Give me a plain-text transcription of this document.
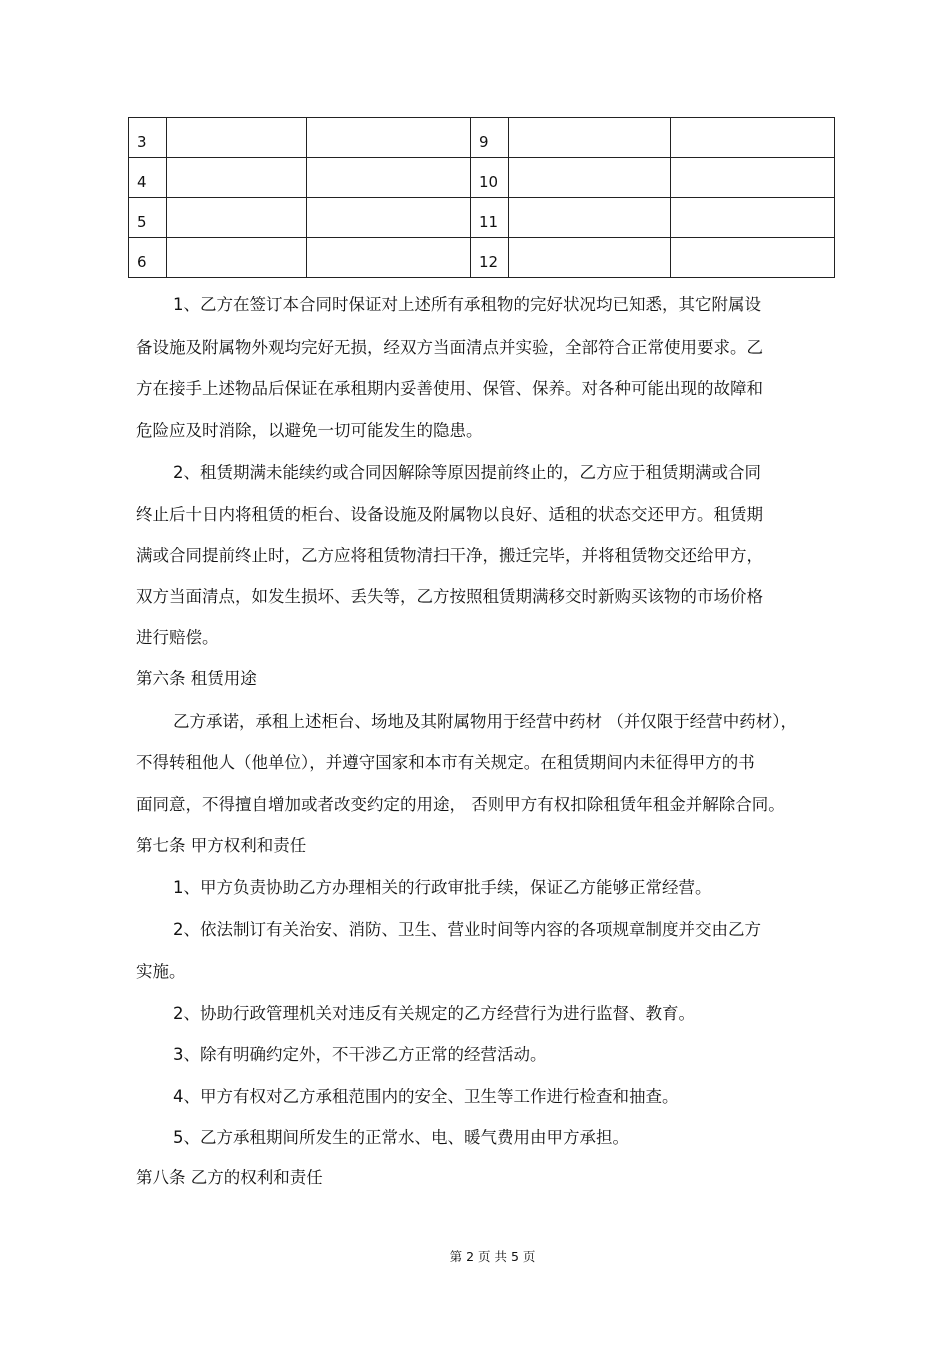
3			9		
4			10		
5			11		
6			12		
1、乙方在签订本合同时保证对上述所有承租物的完好状况均已知悉，其它附属设
备设施及附属物外观均完好无损，经双方当面清点并实验，全部符合正常使用要求。乙
方在接手上述物品后保证在承租期内妥善使用、保管、保养。对各种可能出现的故障和
危险应及时消除，以避免一切可能发生的隐患。
2、租赁期满未能续约或合同因解除等原因提前终止的，乙方应于租赁期满或合同
终止后十日内将租赁的柜台、设备设施及附属物以良好、适租的状态交还甲方。租赁期
满或合同提前终止时，乙方应将租赁物清扫干净，搬迁完毕，并将租赁物交还给甲方，
双方当面清点，如发生损坏、丢失等，乙方按照租赁期满移交时新购买该物的市场价格
进行赔偿。
第六条 租赁用途
乙方承诺，承租上述柜台、场地及其附属物用于经营中药材 （并仅限于经营中药材），
不得转租他人（他单位），并遵守国家和本市有关规定。在租赁期间内未征得甲方的书
面同意，不得擅自增加或者改变约定的用途， 否则甲方有权扣除租赁年租金并解除合同。
第七条 甲方权利和责任
1、甲方负责协助乙方办理相关的行政审批手续，保证乙方能够正常经营。
2、依法制订有关治安、消防、卫生、营业时间等内容的各项规章制度并交由乙方
实施。
2、协助行政管理机关对违反有关规定的乙方经营行为进行监督、教育。
3、除有明确约定外，不干涉乙方正常的经营活动。
4、甲方有权对乙方承租范围内的安全、卫生等工作进行检查和抽查。
5、乙方承租期间所发生的正常水、电、暖气费用由甲方承担。
第八条 乙方的权利和责任
第 2 页 共 5 页
